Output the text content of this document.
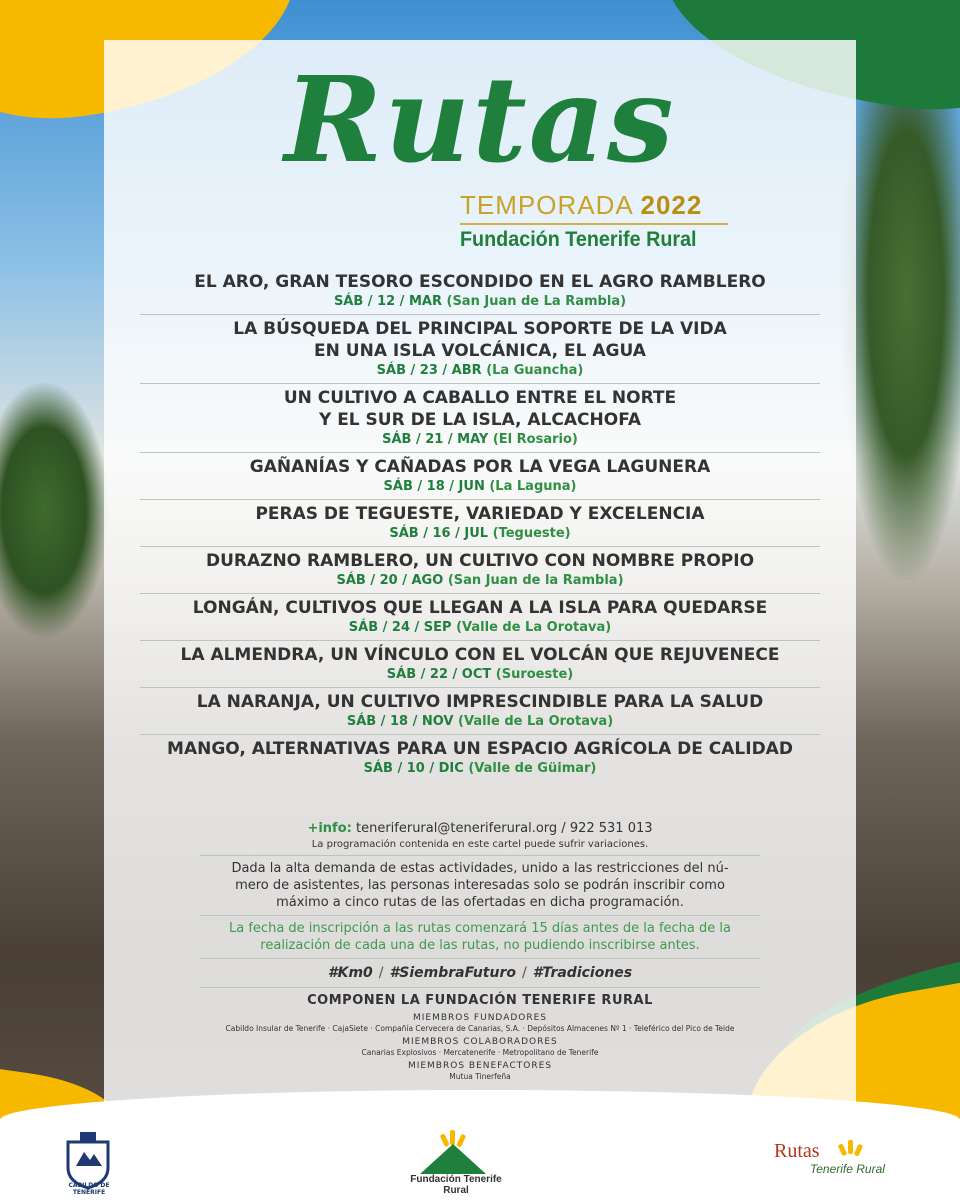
Rutas
TEMPORADA 2022
Fundación Tenerife Rural
EL ARO, GRAN TESORO ESCONDIDO EN EL AGRO RAMBLERO
SÁB / 12 / MAR (San Juan de La Rambla)
LA BÚSQUEDA DEL PRINCIPAL SOPORTE DE LA VIDA
EN UNA ISLA VOLCÁNICA, EL AGUA
SÁB / 23 / ABR (La Guancha)
UN CULTIVO A CABALLO ENTRE EL NORTE
Y EL SUR DE LA ISLA, ALCACHOFA
SÁB / 21 / MAY (El Rosario)
GAÑANÍAS Y CAÑADAS POR LA VEGA LAGUNERA
SÁB / 18 / JUN (La Laguna)
PERAS DE TEGUESTE, VARIEDAD Y EXCELENCIA
SÁB / 16 / JUL (Tegueste)
DURAZNO RAMBLERO, UN CULTIVO CON NOMBRE PROPIO
SÁB / 20 / AGO (San Juan de la Rambla)
LONGÁN, CULTIVOS QUE LLEGAN A LA ISLA PARA QUEDARSE
SÁB / 24 / SEP (Valle de La Orotava)
LA ALMENDRA, UN VÍNCULO CON EL VOLCÁN QUE REJUVENECE
SÁB / 22 / OCT (Suroeste)
LA NARANJA, UN CULTIVO IMPRESCINDIBLE PARA LA SALUD
SÁB / 18 / NOV (Valle de La Orotava)
MANGO, ALTERNATIVAS PARA UN ESPACIO AGRÍCOLA DE CALIDAD
SÁB / 10 / DIC (Valle de Güimar)
+info: teneriferural@teneriferural.org / 922 531 013
La programación contenida en este cartel puede sufrir variaciones.
Dada la alta demanda de estas actividades, unido a las restricciones del nú-
mero de asistentes, las personas interesadas solo se podrán inscribir como
máximo a cinco rutas de las ofertadas en dicha programación.
La fecha de inscripción a las rutas comenzará 15 días antes de la fecha de la
realización de cada una de las rutas, no pudiendo inscribirse antes.
#Km0 / #SiembraFuturo / #Tradiciones
COMPONEN LA FUNDACIÓN TENERIFE RURAL
MIEMBROS FUNDADORES
Cabildo Insular de Tenerife · CajaSiete · Compañía Cervecera de Canarias, S.A. · Depósitos Almacenes Nº 1 · Teleférico del Pico de Teide
MIEMBROS COLABORADORES
Canarias Explosivos · Mercatenerife · Metropolitano de Tenerife
MIEMBROS BENEFACTORES
Mutua Tinerfeña
CABILDO DE TENERIFE
Fundación Tenerife Rural
Rutas
Tenerife Rural
